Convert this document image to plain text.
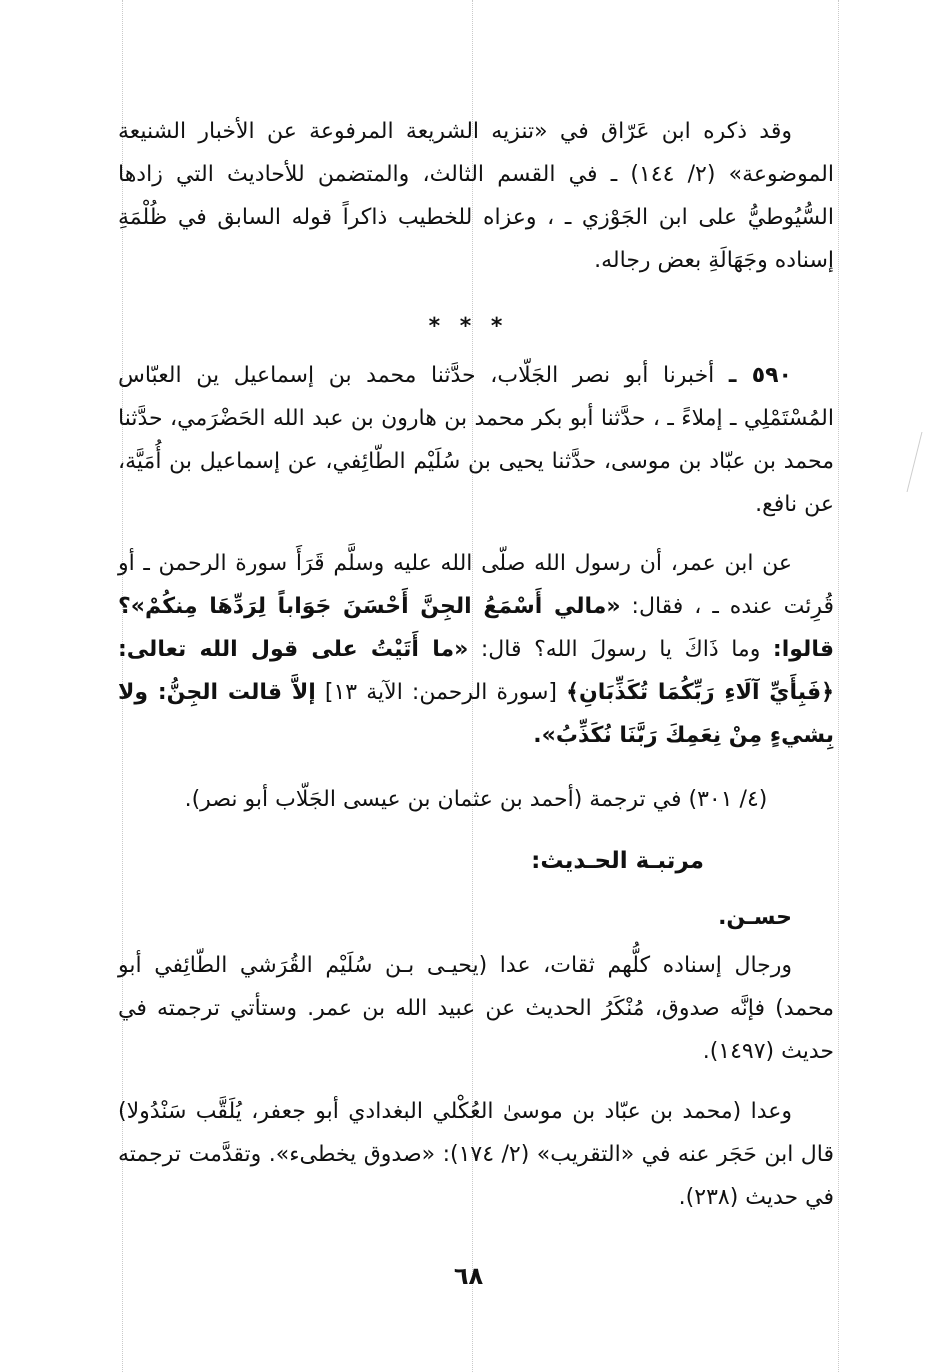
وقد ذكره ابن عَرّاق في «تنزيه الشريعة المرفوعة عن الأخبار الشنيعة الموضوعة» (٢/ ١٤٤) ـ في القسم الثالث، والمتضمن للأحاديث التي زادها السُّيُوطيُّ على ابن الجَوْزي ـ ، وعزاه للخطيب ذاكراً قوله السابق في ظُلْمَةِ إسناده وجَهَالَةِ بعض رجاله.

* * *

٥٩٠ ـ أخبرنا أبو نصر الجَلّاب، حدَّثنا محمد بن إسماعيل ين العبّاس المُسْتَمْلِي ـ إملاءً ـ ، حدَّثنا أبو بكر محمد بن هارون بن عبد الله الحَضْرَمي، حدَّثنا محمد بن عبّاد بن موسى، حدَّثنا يحيى بن سُلَيْم الطّائِفي، عن إسماعيل بن أُمَيَّة، عن نافع.

عن ابن عمر، أن رسول الله صلّى الله عليه وسلَّم قَرَأَ سورة الرحمن ـ أو قُرِئت عنده ـ ، فقال: «مالي أَسْمَعُ الجِنَّ أَحْسَنَ جَوَاباً لِرَدِّهَا مِنكُمْ»؟ قالوا: وما ذَاكَ يا رسولَ الله؟ قال: «ما أَتَيْتُ على قول الله تعالى: ﴿فَبِأَيِّ آلَاءِ رَبِّكُمَا تُكَذِّبَانِ﴾ [سورة الرحمن: الآية ١٣] إلاَّ قالت الجِنُّ: ولا بِشيءٍ مِنْ نِعَمِكَ رَبَّنَا نُكَذِّبُ».

(٤/ ٣٠١) في ترجمة (أحمد بن عثمان بن عيسى الجَلّاب أبو نصر).
مرتبـة الحـديث:

حسـن.

ورجال إسناده كلُّهم ثقات، عدا (يحيـى بـن سُلَيْم القُرَشي الطّائِفي أبو محمد) فإنَّه صدوق، مُنْكَرُ الحديث عن عبيد الله بن عمر. وستأتي ترجمته في حديث (١٤٩٧).

وعدا (محمد بن عبّاد بن موسىٰ العُكْلي البغدادي أبو جعفر، يُلَقَّب سَنْدُولا) قال ابن حَجَر عنه في «التقريب» (٢/ ١٧٤): «صدوق يخطىء». وتقدَّمت ترجمته في حديث (٢٣٨).

٦٨
